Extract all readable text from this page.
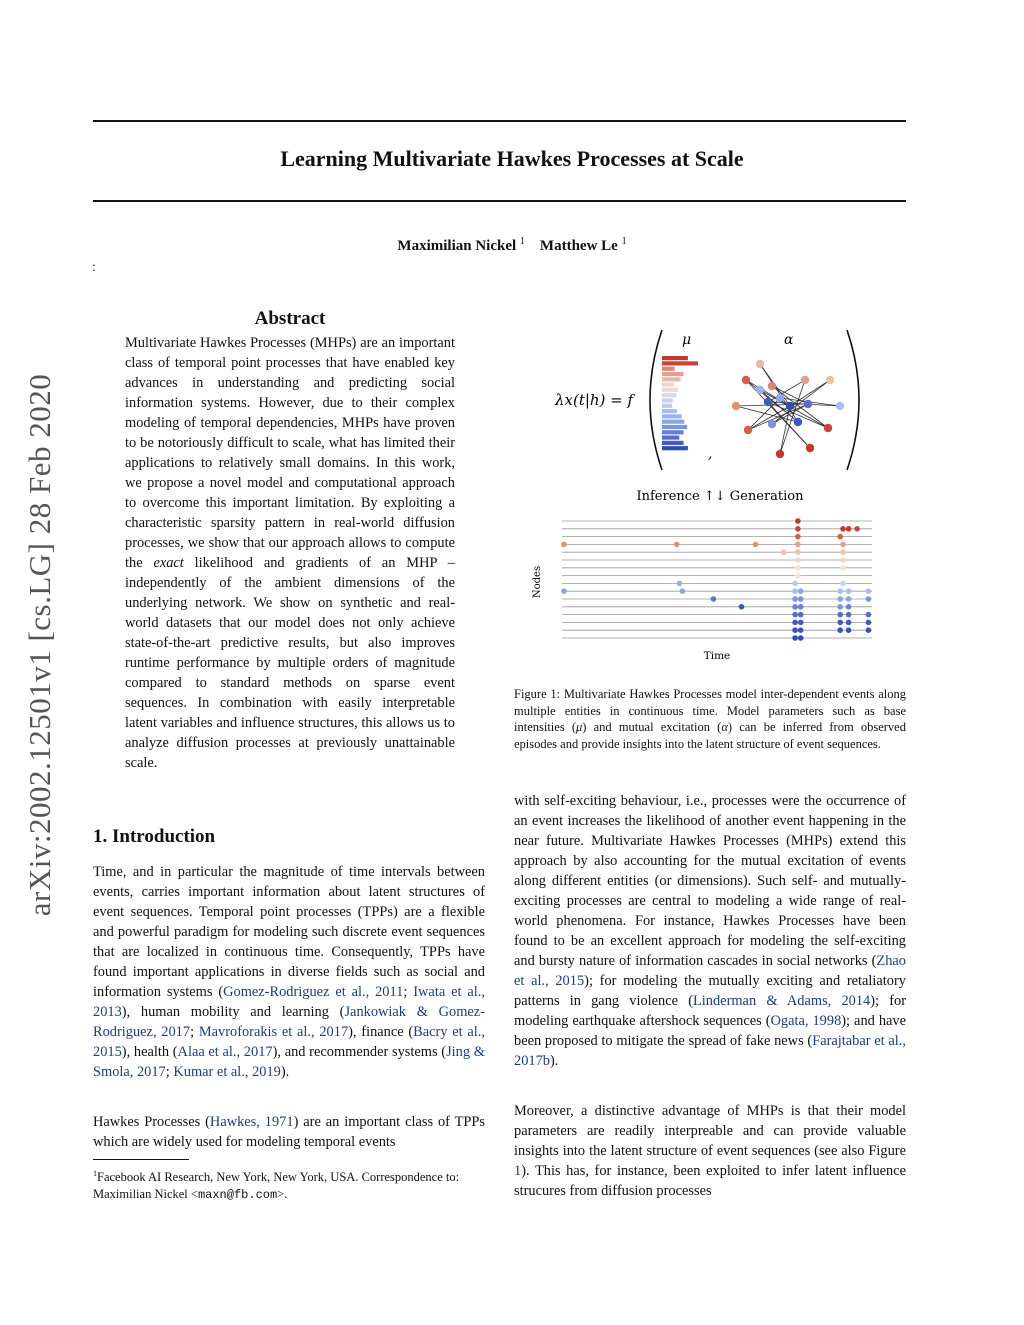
Learning Multivariate Hawkes Processes at Scale
Maximilian Nickel $^1$ Matthew Le $^1$
:
arXiv:2002.12501v1 [cs.LG] 28 Feb 2020
Abstract
Multivariate Hawkes Processes (MHPs) are an important class of temporal point processes that have enabled key advances in understanding and predicting social information systems. However, due to their complex modeling of temporal dependencies, MHPs have proven to be notoriously difficult to scale, what has limited their applications to relatively small domains. In this work, we propose a novel model and computational approach to overcome this important limitation. By exploiting a characteristic sparsity pattern in real-world diffusion processes, we show that our approach allows to compute the exact likelihood and gradients of an MHP – independently of the ambient dimensions of the underlying network. We show on synthetic and real-world datasets that our model does not only achieve state-of-the-art predictive results, but also improves runtime performance by multiple orders of magnitude compared to standard methods on sparse event sequences. In combination with easily interpretable latent variables and influence structures, this allows us to analyze diffusion processes at previously unattainable scale.
1. Introduction
Time, and in particular the magnitude of time intervals between events, carries important information about latent structures of event sequences. Temporal point processes (TPPs) are a flexible and powerful paradigm for modeling such discrete event sequences that are localized in continuous time. Consequently, TPPs have found important applications in diverse fields such as social and information systems (Gomez-Rodriguez et al., 2011; Iwata et al., 2013), human mobility and learning (Jankowiak & Gomez-Rodriguez, 2017; Mavroforakis et al., 2017), finance (Bacry et al., 2015), health (Alaa et al., 2017), and recommender systems (Jing & Smola, 2017; Kumar et al., 2019).
Hawkes Processes (Hawkes, 1971) are an important class of TPPs which are widely used for modeling temporal events
$^1$Facebook AI Research, New York, New York, USA. Correspondence to: Maximilian Nickel <maxn@fb.com>.
with self-exciting behaviour, i.e., processes were the occurrence of an event increases the likelihood of another event happening in the near future. Multivariate Hawkes Processes (MHPs) extend this approach by also accounting for the mutual excitation of events along different entities (or dimensions). Such self- and mutually-exciting processes are central to modeling a wide range of real-world phenomena. For instance, Hawkes Processes have been found to be an excellent approach for modeling the self-exciting and bursty nature of information cascades in social networks (Zhao et al., 2015); for modeling the mutually exciting and retaliatory patterns in gang violence (Linderman & Adams, 2014); for modeling earthquake aftershock sequences (Ogata, 1998); and have been proposed to mitigate the spread of fake news (Farajtabar et al., 2017b).
Moreover, a distinctive advantage of MHPs is that their model parameters are readily interpreable and can provide valuable insights into the latent structure of event sequences (see also Figure 1). This has, for instance, been exploited to infer latent influence strucures from diffusion processes
λx(t|h) = f
μ	α
,
Inference ↑↓ Generation
Nodes
Time
Figure 1: Multivariate Hawkes Processes model inter-dependent events along multiple entities in continuous time. Model parameters such as base intensities (μ) and mutual excitation (α) can be inferred from observed episodes and provide insights into the latent structure of event sequences.
